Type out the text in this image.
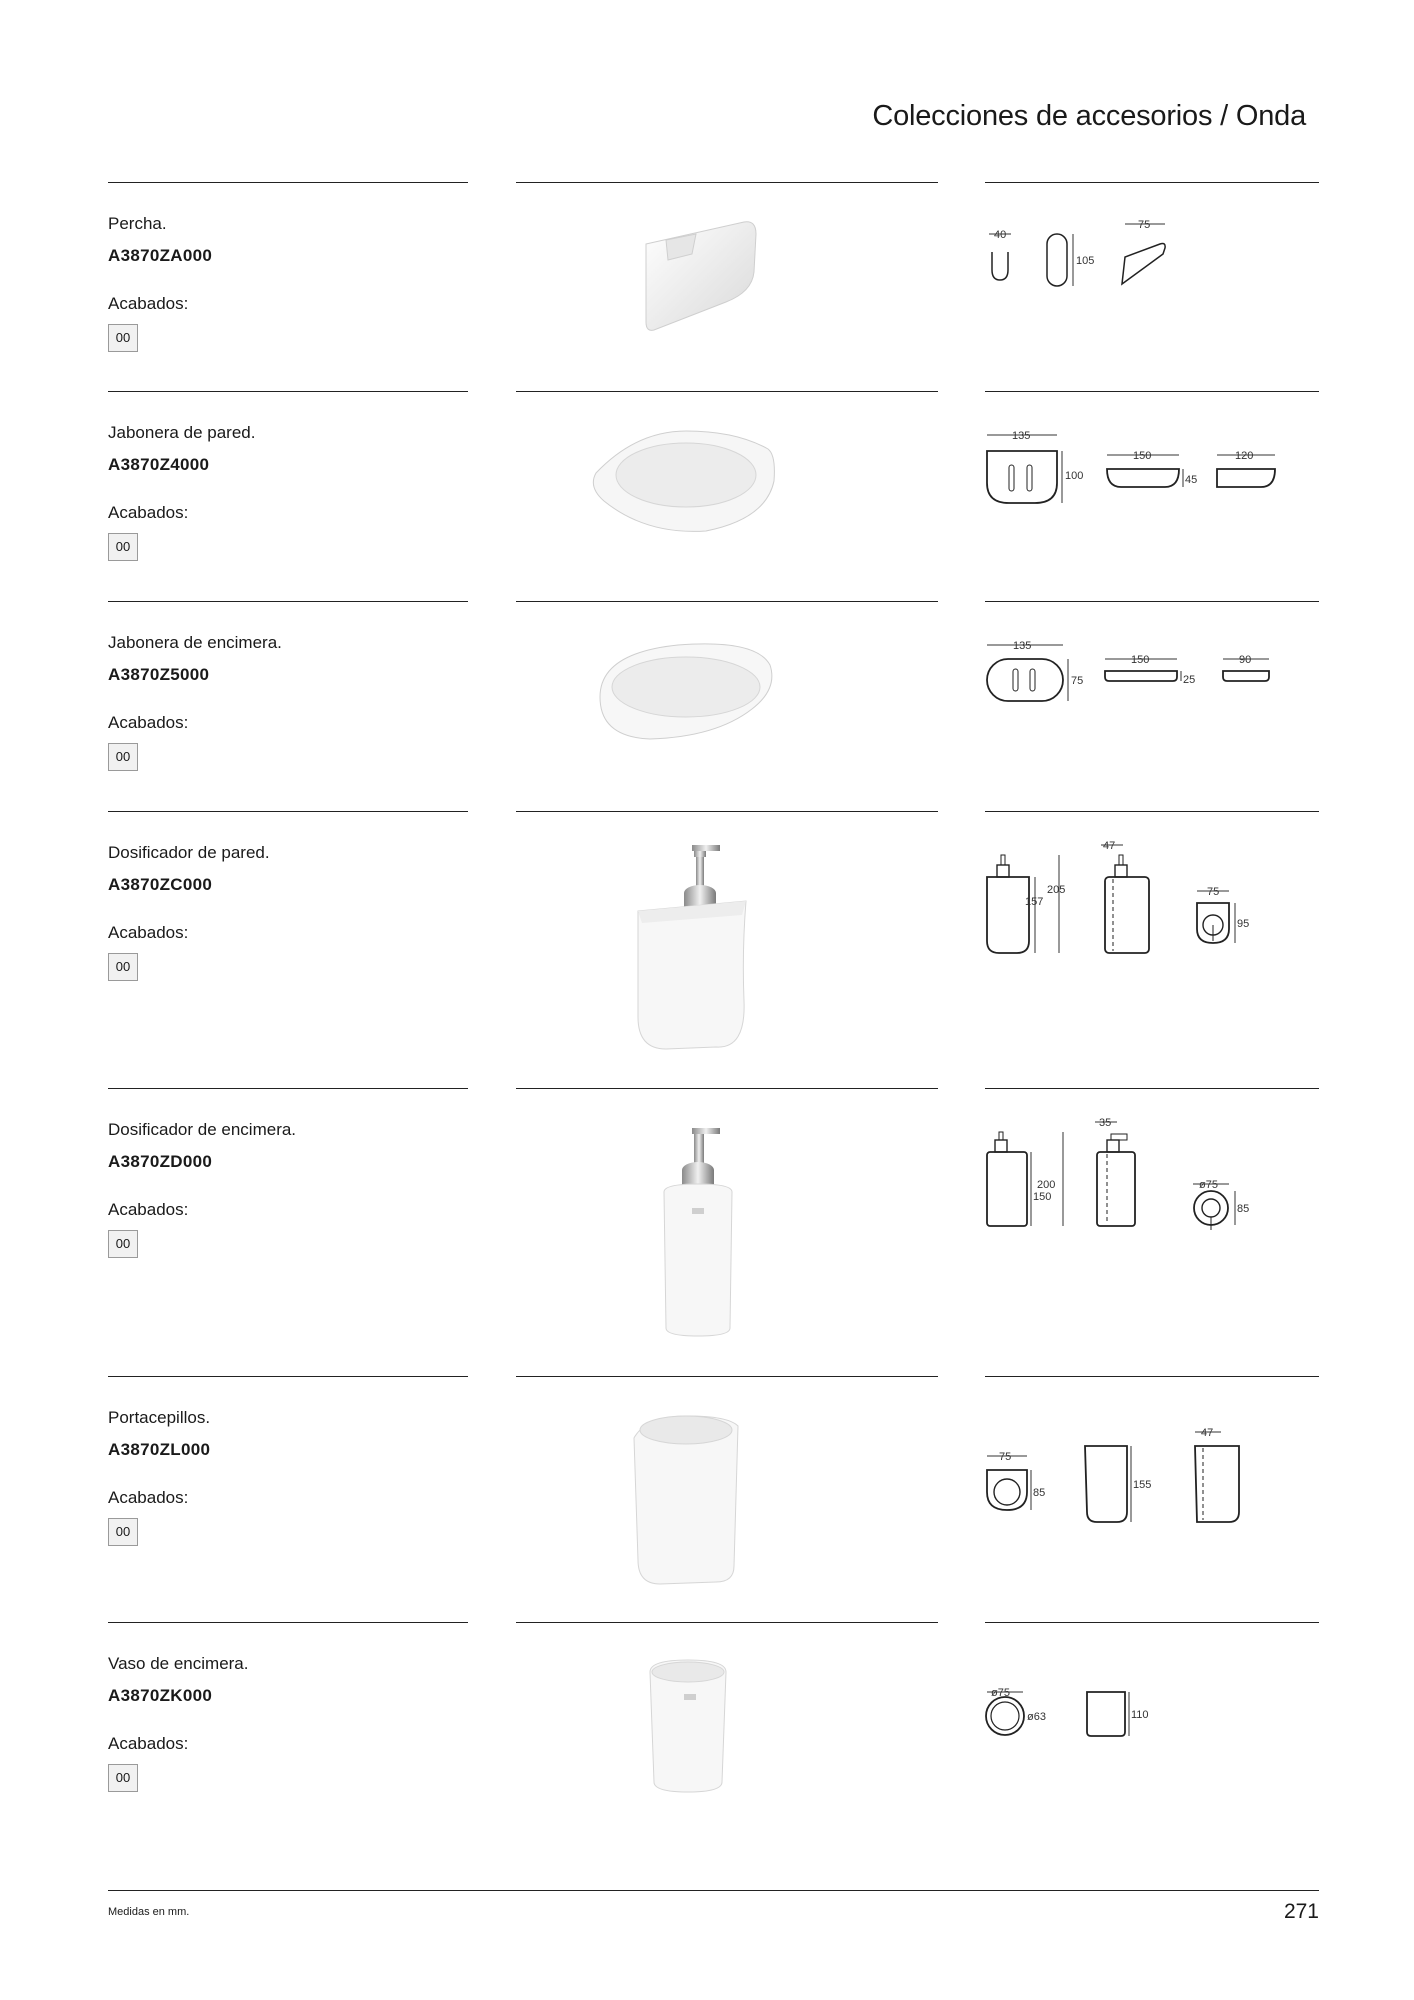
Colecciones de accesorios / Onda
Percha.
A3870ZA000
Acabados:
00
40
105
75
Jabonera de pared.
A3870Z4000
Acabados:
00
135
100
150
45
120
Jabonera de encimera.
A3870Z5000
Acabados:
00
135
75
150
25
90
Dosificador de pared.
A3870ZC000
Acabados:
00
157
205
47
75
95
Dosificador de encimera.
A3870ZD000
Acabados:
00
150
200
35
ø75
85
Portacepillos.
A3870ZL000
Acabados:
00
75
85
155
47
Vaso de encimera.
A3870ZK000
Acabados:
00
ø75
ø63	110
Medidas en mm.	271
